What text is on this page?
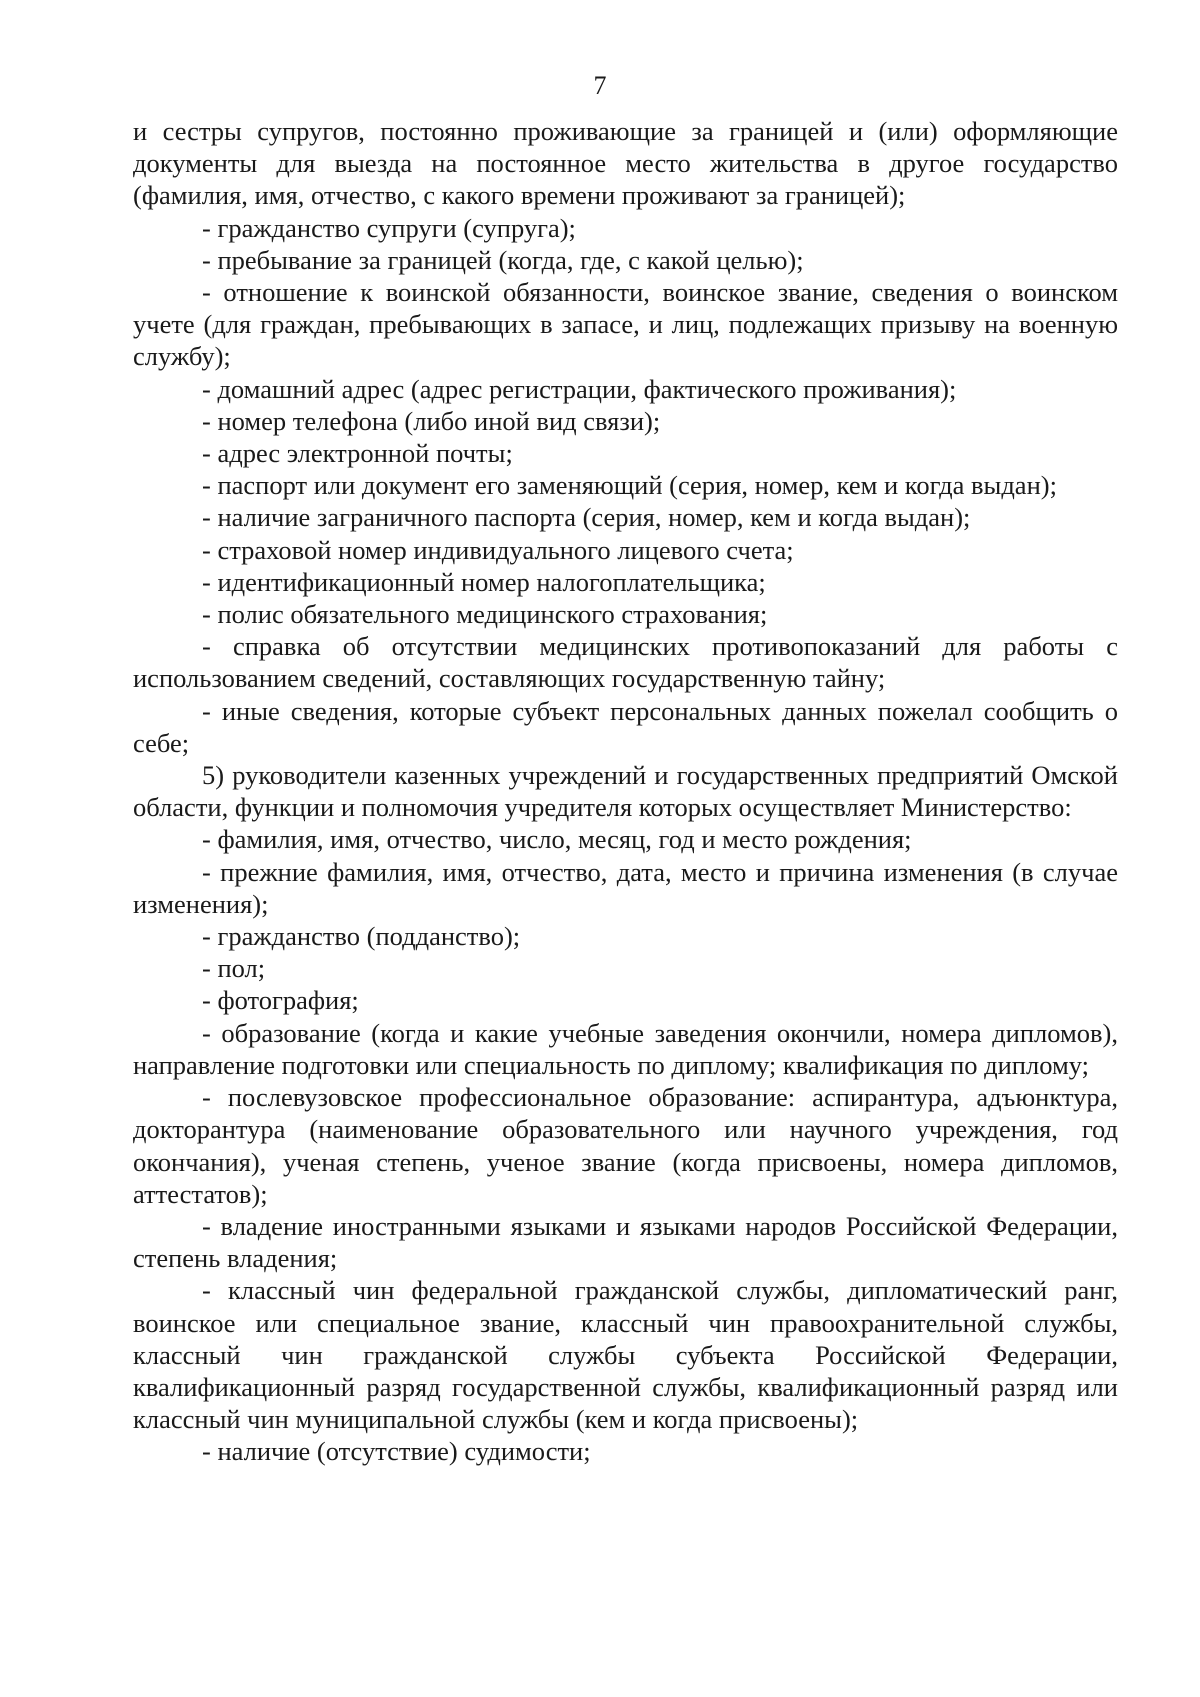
7

и сестры супругов, постоянно проживающие за границей и (или) оформляющие документы для выезда на постоянное место жительства в другое государство (фамилия, имя, отчество, с какого времени проживают за границей);

- гражданство супруги (супруга);

- пребывание за границей (когда, где, с какой целью);

- отношение к воинской обязанности, воинское звание, сведения о воинском учете (для граждан, пребывающих в запасе, и лиц, подлежащих призыву на военную службу);

- домашний адрес (адрес регистрации, фактического проживания);

- номер телефона (либо иной вид связи);

- адрес электронной почты;

- паспорт или документ его заменяющий (серия, номер, кем и когда выдан);

- наличие заграничного паспорта (серия, номер, кем и когда выдан);

- страховой номер индивидуального лицевого счета;

- идентификационный номер налогоплательщика;

- полис обязательного медицинского страхования;

- справка об отсутствии медицинских противопоказаний для работы с использованием сведений, составляющих государственную тайну;

- иные сведения, которые субъект персональных данных пожелал сообщить о себе;

5) руководители казенных учреждений и государственных предприятий Омской области, функции и полномочия учредителя которых осуществляет Министерство:

- фамилия, имя, отчество, число, месяц, год и место рождения;

- прежние фамилия, имя, отчество, дата, место и причина изменения (в случае изменения);

- гражданство (подданство);

- пол;

- фотография;

- образование (когда и какие учебные заведения окончили, номера дипломов), направление подготовки или специальность по диплому; квалификация по диплому;

- послевузовское профессиональное образование: аспирантура, адъюнктура, докторантура (наименование образовательного или научного учреждения, год окончания), ученая степень, ученое звание (когда присвоены, номера дипломов, аттестатов);

- владение иностранными языками и языками народов Российской Федерации, степень владения;

- классный чин федеральной гражданской службы, дипломатический ранг, воинское или специальное звание, классный чин правоохранительной службы, классный чин гражданской службы субъекта Российской Федерации, квалификационный разряд государственной службы, квалификационный разряд или классный чин муниципальной службы (кем и когда присвоены);

- наличие (отсутствие) судимости;
